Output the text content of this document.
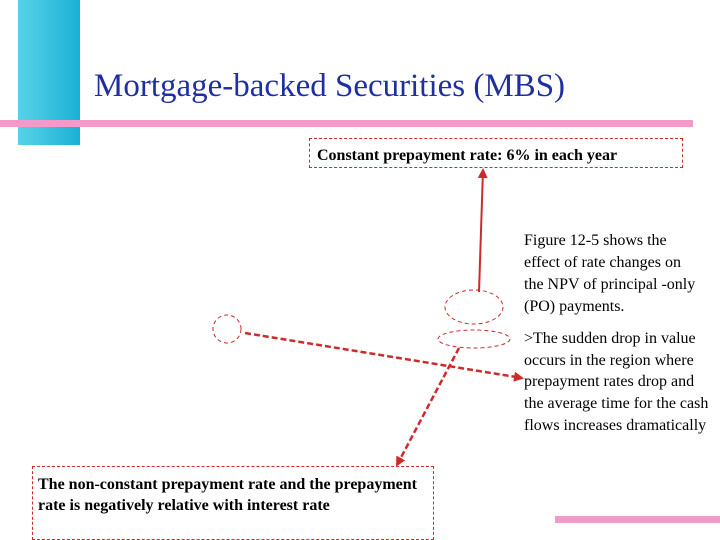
Mortgage-backed Securities (MBS)
Constant prepayment rate: 6% in each year
Figure 12-5 shows the effect of rate changes on the NPV of principal -only (PO) payments.
>The sudden drop in value occurs in the region where prepayment rates drop and the average time for the cash flows increases dramatically
The non-constant prepayment rate and the prepayment rate is negatively relative with interest rate
